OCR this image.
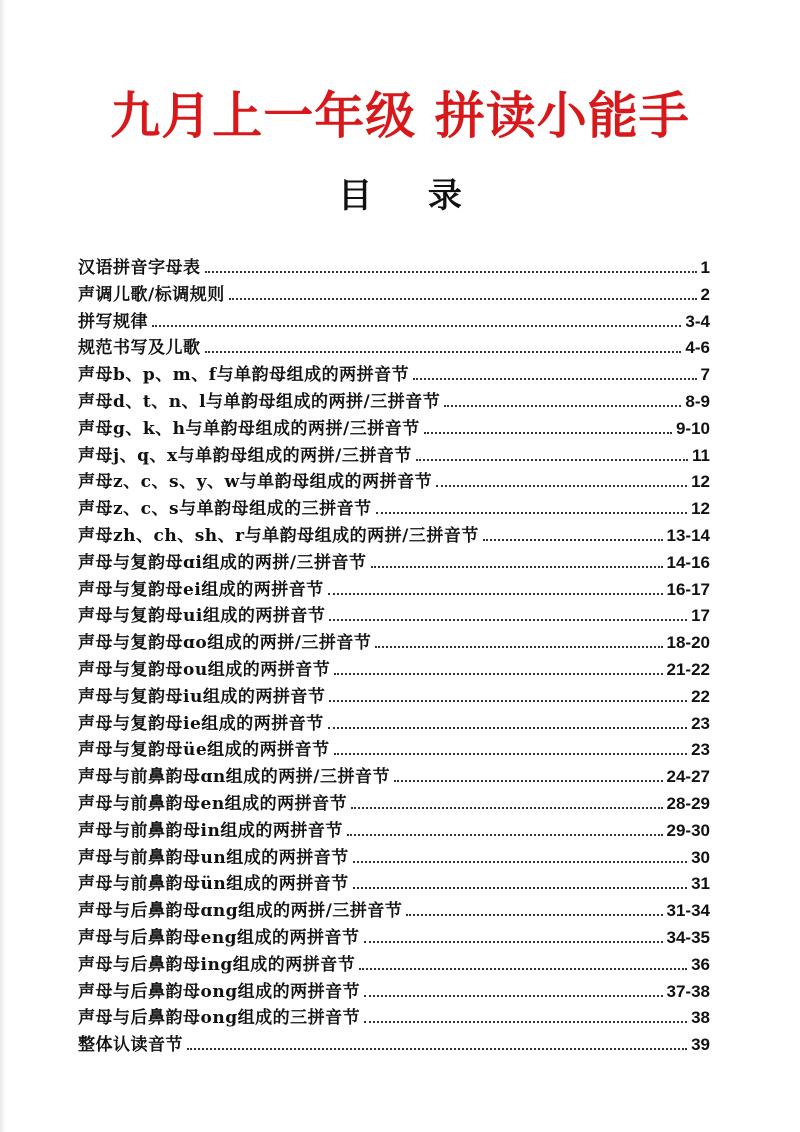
九月上一年级 拼读小能手
目 录
汉语拼音字母表	1
声调儿歌/标调规则	2
拼写规律	3-4
规范书写及儿歌	4-6
声母b、p、m、f与单韵母组成的两拼音节	7
声母d、t、n、l与单韵母组成的两拼/三拼音节	8-9
声母g、k、h与单韵母组成的两拼/三拼音节	9-10
声母j、q、x与单韵母组成的两拼/三拼音节	11
声母z、c、s、y、w与单韵母组成的两拼音节	12
声母z、c、s与单韵母组成的三拼音节	12
声母zh、ch、sh、r与单韵母组成的两拼/三拼音节	13-14
声母与复韵母ɑi组成的两拼/三拼音节	14-16
声母与复韵母ei组成的两拼音节	16-17
声母与复韵母ui组成的两拼音节	17
声母与复韵母ɑo组成的两拼/三拼音节	18-20
声母与复韵母ou组成的两拼音节	21-22
声母与复韵母iu组成的两拼音节	22
声母与复韵母ie组成的两拼音节	23
声母与复韵母üe组成的两拼音节	23
声母与前鼻韵母ɑn组成的两拼/三拼音节	24-27
声母与前鼻韵母en组成的两拼音节	28-29
声母与前鼻韵母in组成的两拼音节	29-30
声母与前鼻韵母un组成的两拼音节	30
声母与前鼻韵母ün组成的两拼音节	31
声母与后鼻韵母ɑng组成的两拼/三拼音节	31-34
声母与后鼻韵母eng组成的两拼音节	34-35
声母与后鼻韵母ing组成的两拼音节	36
声母与后鼻韵母ong组成的两拼音节	37-38
声母与后鼻韵母ong组成的三拼音节	38
整体认读音节	39
